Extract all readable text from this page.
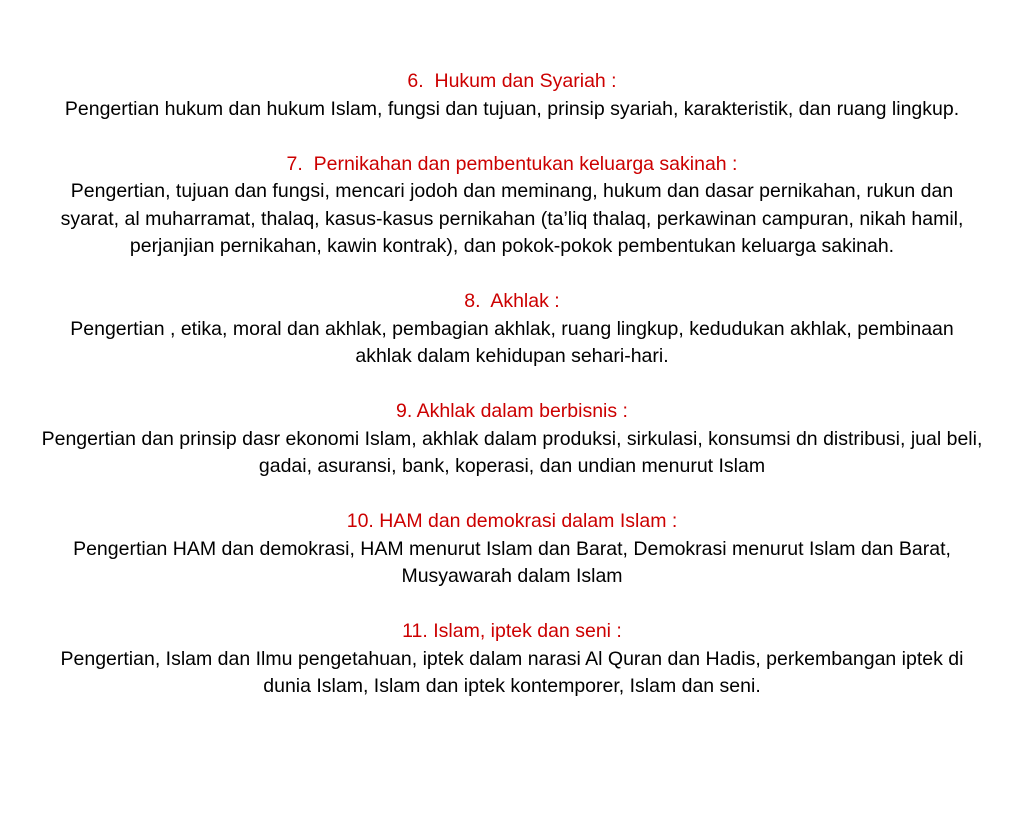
6.  Hukum dan Syariah :
Pengertian hukum dan hukum Islam, fungsi dan tujuan, prinsip syariah, karakteristik, dan ruang lingkup.
7.  Pernikahan dan pembentukan keluarga sakinah :
Pengertian, tujuan dan fungsi, mencari jodoh dan meminang, hukum dan dasar pernikahan, rukun dan syarat, al muharramat, thalaq, kasus-kasus pernikahan (ta’liq thalaq, perkawinan campuran, nikah hamil, perjanjian pernikahan, kawin kontrak), dan pokok-pokok pembentukan keluarga sakinah.
8.  Akhlak :
Pengertian , etika, moral dan akhlak, pembagian akhlak, ruang lingkup, kedudukan akhlak, pembinaan akhlak dalam kehidupan sehari-hari.
9. Akhlak dalam berbisnis :
Pengertian dan prinsip dasr ekonomi Islam, akhlak dalam produksi, sirkulasi, konsumsi dn distribusi, jual beli, gadai, asuransi, bank, koperasi, dan undian menurut Islam
10. HAM dan demokrasi dalam Islam :
Pengertian HAM dan demokrasi, HAM menurut Islam dan Barat, Demokrasi menurut Islam dan Barat, Musyawarah dalam Islam
11. Islam, iptek dan seni :
Pengertian, Islam dan Ilmu pengetahuan, iptek dalam narasi Al Quran dan Hadis, perkembangan iptek di dunia Islam, Islam dan iptek kontemporer, Islam dan seni.
